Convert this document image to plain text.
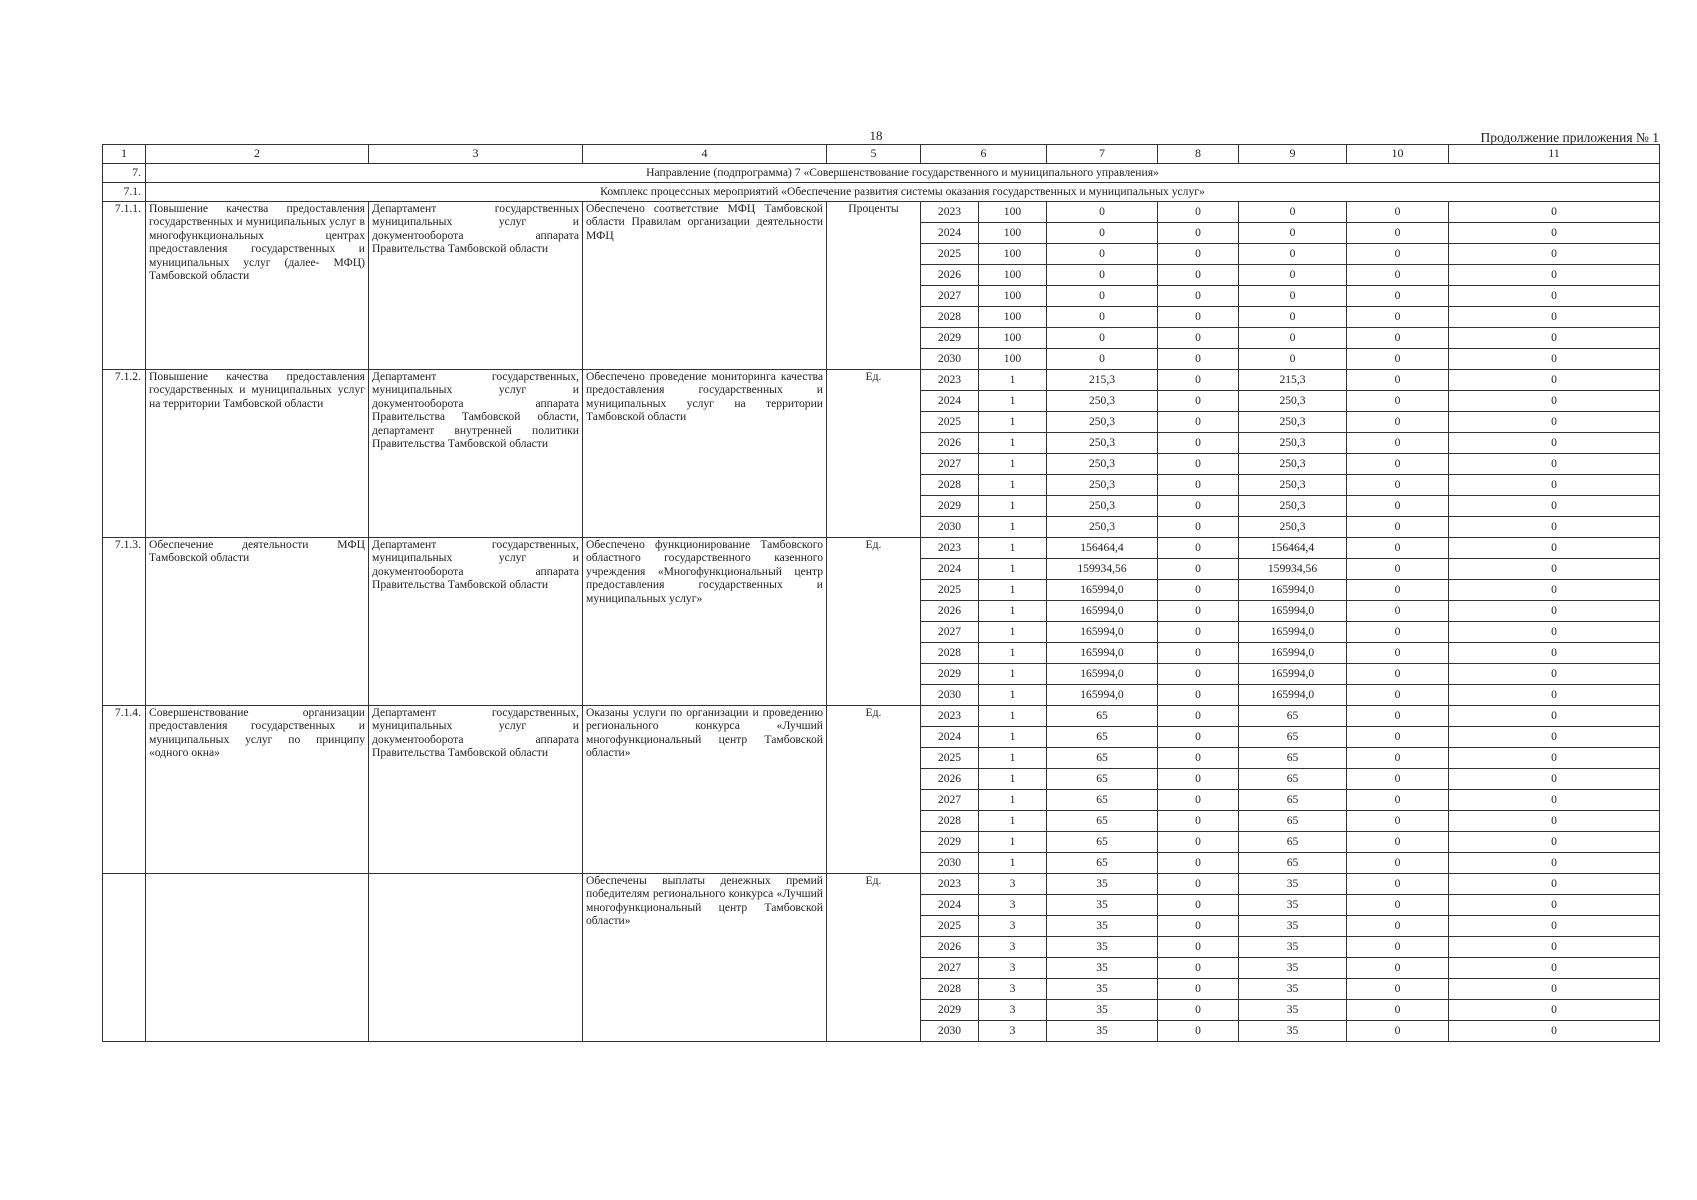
18	Продолжение приложения № 1
1	2	3	4	5	6		7	8	9	10	11
7.	Направление (подпрограмма) 7 «Совершенствование государственного и муниципального управления»										
7.1.	Комплекс процессных мероприятий «Обеспечение развития системы оказания государственных и муниципальных услуг»										
7.1.1.	Повышение качества предоставления государственных и муниципальных услуг в многофункциональных центрах предоставления государственных и муниципальных услуг (далее- МФЦ) Тамбовской области	Департамент государственных муниципальных услуг и документооборота аппарата Правительства Тамбовской области	Обеспечено соответствие МФЦ Тамбовской области Правилам организации деятельности МФЦ	Проценты	2023	100	0	0	0	0	0
					2024	100	0	0	0	0	0
					2025	100	0	0	0	0	0
					2026	100	0	0	0	0	0
					2027	100	0	0	0	0	0
					2028	100	0	0	0	0	0
					2029	100	0	0	0	0	0
					2030	100	0	0	0	0	0
7.1.2.	Повышение качества предоставления государственных и муниципальных услуг на территории Тамбовской области	Департамент государственных, муниципальных услуг и документооборота аппарата Правительства Тамбовской области, департамент внутренней политики Правительства Тамбовской области	Обеспечено проведение мониторинга качества предоставления государственных и муниципальных услуг на территории Тамбовской области	Ед.	2023	1	215,3	0	215,3	0	0
					2024	1	250,3	0	250,3	0	0
					2025	1	250,3	0	250,3	0	0
					2026	1	250,3	0	250,3	0	0
					2027	1	250,3	0	250,3	0	0
					2028	1	250,3	0	250,3	0	0
					2029	1	250,3	0	250,3	0	0
					2030	1	250,3	0	250,3	0	0
7.1.3.	Обеспечение деятельности МФЦ Тамбовской области	Департамент государственных, муниципальных услуг и документооборота аппарата Правительства Тамбовской области	Обеспечено функционирование Тамбовского областного государственного казенного учреждения «Многофункциональный центр предоставления государственных и муниципальных услуг»	Ед.	2023	1	156464,4	0	156464,4	0	0
					2024	1	159934,56	0	159934,56	0	0
					2025	1	165994,0	0	165994,0	0	0
					2026	1	165994,0	0	165994,0	0	0
					2027	1	165994,0	0	165994,0	0	0
					2028	1	165994,0	0	165994,0	0	0
					2029	1	165994,0	0	165994,0	0	0
					2030	1	165994,0	0	165994,0	0	0
7.1.4.	Совершенствование организации предоставления государственных и муниципальных услуг по принципу «одного окна»	Департамент государственных, муниципальных услуг и документооборота аппарата Правительства Тамбовской области	Оказаны услуги по организации и проведению регионального конкурса «Лучший многофункциональный центр Тамбовской области»	Ед.	2023	1	65	0	65	0	0
					2024	1	65	0	65	0	0
					2025	1	65	0	65	0	0
					2026	1	65	0	65	0	0
					2027	1	65	0	65	0	0
					2028	1	65	0	65	0	0
					2029	1	65	0	65	0	0
					2030	1	65	0	65	0	0
			Обеспечены выплаты денежных премий победителям регионального конкурса «Лучший многофункциональный центр Тамбовской области»	Ед.	2023	3	35	0	35	0	0
					2024	3	35	0	35	0	0
					2025	3	35	0	35	0	0
					2026	3	35	0	35	0	0
					2027	3	35	0	35	0	0
					2028	3	35	0	35	0	0
					2029	3	35	0	35	0	0
					2030	3	35	0	35	0	0
